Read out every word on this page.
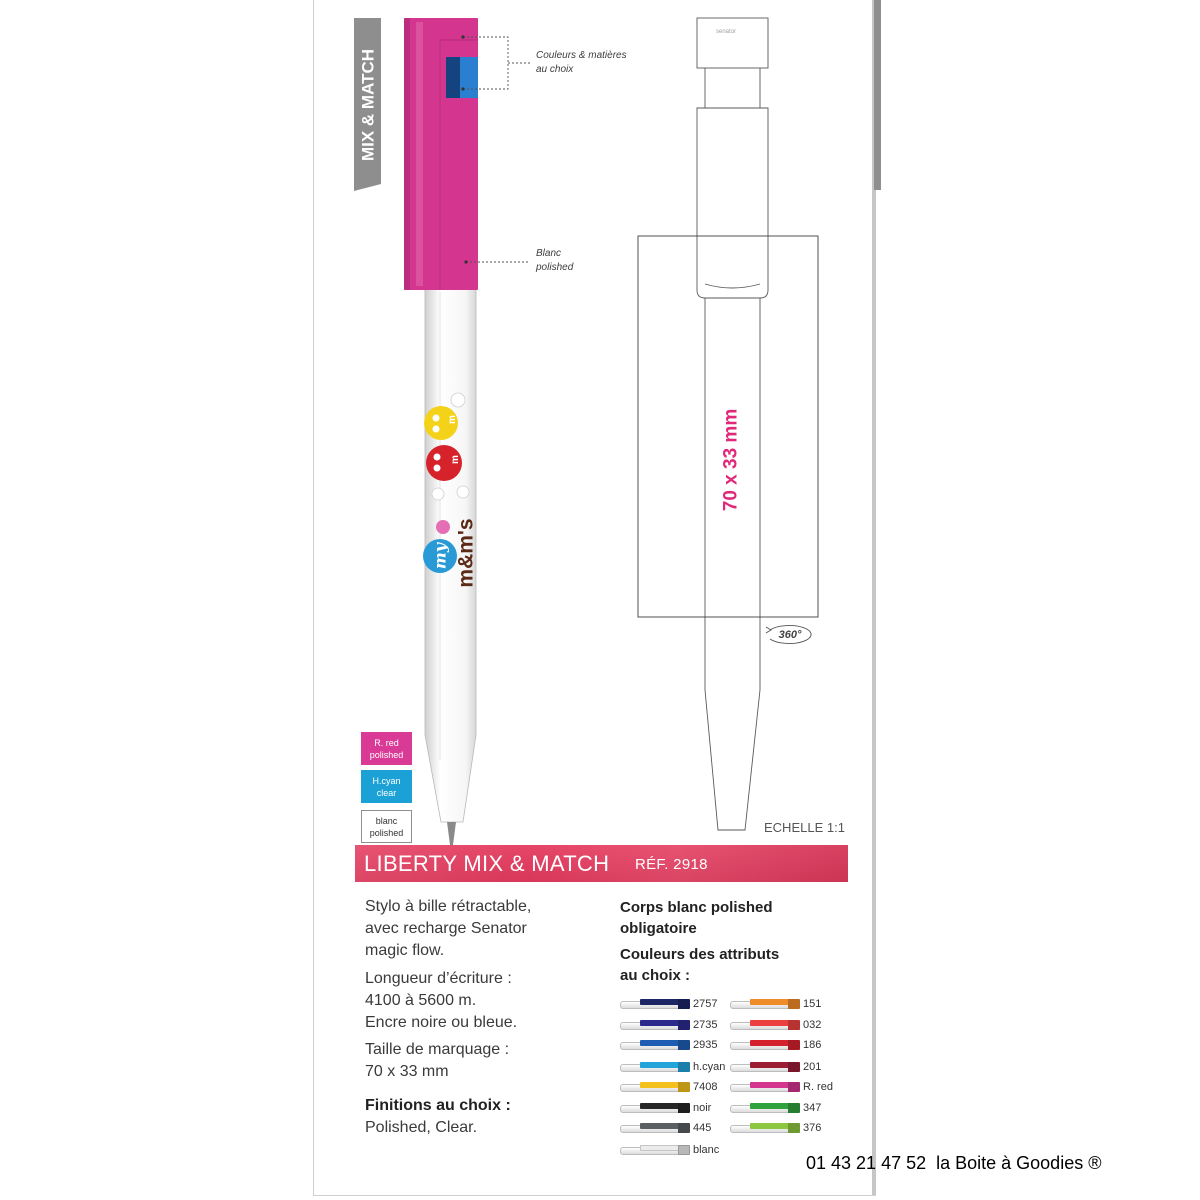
MIX & MATCH
m
m
my m&m's
senator
70 x 33 mm
360°
Couleurs & matières
au choix
Blanc
polished
R. red
polished
H.cyan
clear
blanc
polished	ECHELLE 1:1
LIBERTY MIX & MATCH RÉF. 2918
Stylo à bille rétractable,
avec recharge Senator
magic flow.
Longueur d’écriture :
4100 à 5600 m.
Encre noire ou bleue.
Taille de marquage :
70 x 33 mm
Finitions au choix :
Polished, Clear.
Corps blanc polished
obligatoire
Couleurs des attributs
au choix :
2757
2735
2935
h.cyan
7408
noir
445
blanc
151
032
186
201
R. red
347
376
01 43 21 47 52  la Boite à Goodies ®
